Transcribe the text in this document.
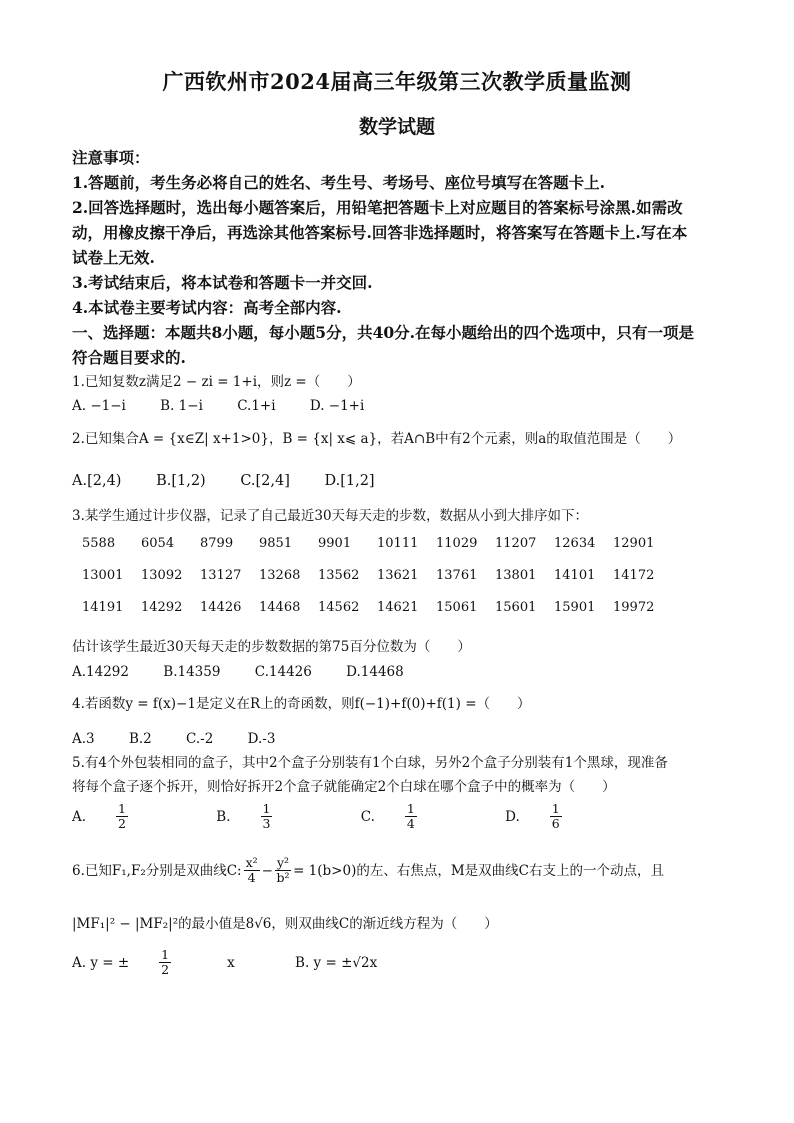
广西钦州市2024届高三年级第三次教学质量监测
数学试题
注意事项：
1.答题前，考生务必将自己的姓名、考生号、考场号、座位号填写在答题卡上.
2.回答选择题时，选出每小题答案后，用铅笔把答题卡上对应题目的答案标号涂黑.如需改
动，用橡皮擦干净后，再选涂其他答案标号.回答非选择题时，将答案写在答题卡上.写在本
试卷上无效.
3.考试结束后，将本试卷和答题卡一并交回.
4.本试卷主要考试内容：高考全部内容.
一、选择题：本题共8小题，每小题5分，共40分.在每小题给出的四个选项中，只有一项是
符合题目要求的.
1.已知复数z满足2 − zi = 1+i，则z =（　　）
A. −1−i	B. 1−i	C.1+i	D. −1+i
2.已知集合A = {x∈Z| x+1>0}，B = {x| x⩽ a}，若A∩B中有2个元素，则a的取值范围是（　　）
A.[2,4) B.[1,2) C.[2,4] D.[1,2]
3.某学生通过计步仪器，记录了自己最近30天每天走的步数，数据从小到大排序如下：
5588	6054	8799	9851	9901	10111	11029	11207	12634	12901
13001	13092	13127	13268	13562	13621	13761	13801	14101	14172
14191	14292	14426	14468	14562	14621	15061	15601	15901	19972
估计该学生最近30天每天走的步数数据的第75百分位数为（　　）
A.14292	B.14359	C.14426	D.14468
4.若函数y = f(x)−1是定义在R上的奇函数，则f(−1)+f(0)+f(1) =（　　）
A.3	B.2	C.-2	D.-3
5.有4个外包装相同的盒子，其中2个盒子分别装有1个白球，另外2个盒子分别装有1个黑球，现准备
将每个盒子逐个拆开，则恰好拆开2个盒子就能确定2个白球在哪个盒子中的概率为（　　）
A. $\frac{1}{2}$
	B. $\frac{1}{3}$
	C. $\frac{1}{4}$
	D. $\frac{1}{6}$
6.已知F₁,F₂分别是双曲线C: $\frac{\text{x²}}{4} - \frac{\text{y²}}{\text{b²}} = 1(b>0)$的左、右焦点，M是双曲线C右支上的一个动点，且
|MF₁|² − |MF₂|²的最小值是8√6，则双曲线C的渐近线方程为（　　）
A. y = ± $\frac{1}{2}$ x	B. y = ±√2x
